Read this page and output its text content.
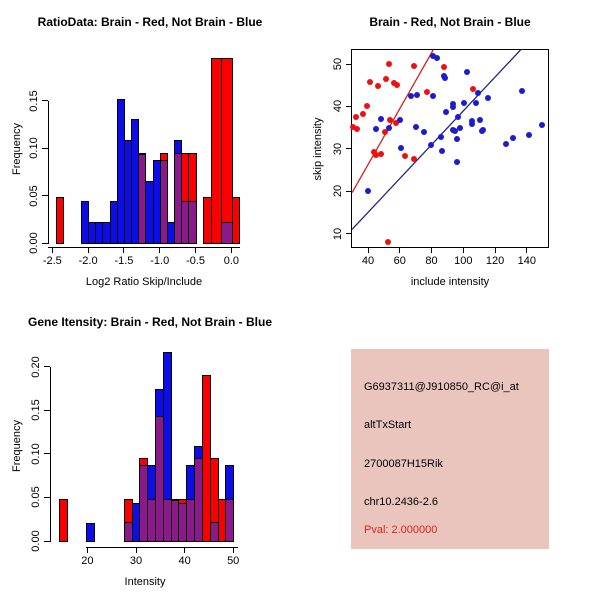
RatioData: Brain - Red, Not Brain - Blue
Frequency
Log2 Ratio Skip/Include
-2.5 -2.0 -1.5 -1.0 -0.5 0.0
0.00
0.05
0.10
0.15
Brain - Red, Not Brain - Blue
skip intensity
include intensity
40 60 80 100 120 140
10
20
30
40
50
Gene Itensity: Brain - Red, Not Brain - Blue
Frequency
Intensity
20	30	40	50
0.00
0.05
0.10
0.15
0.20
G6937311@J910850_RC@i_at
altTxStart
2700087H15Rik
chr10.2436-2.6
Pval: 2.000000
